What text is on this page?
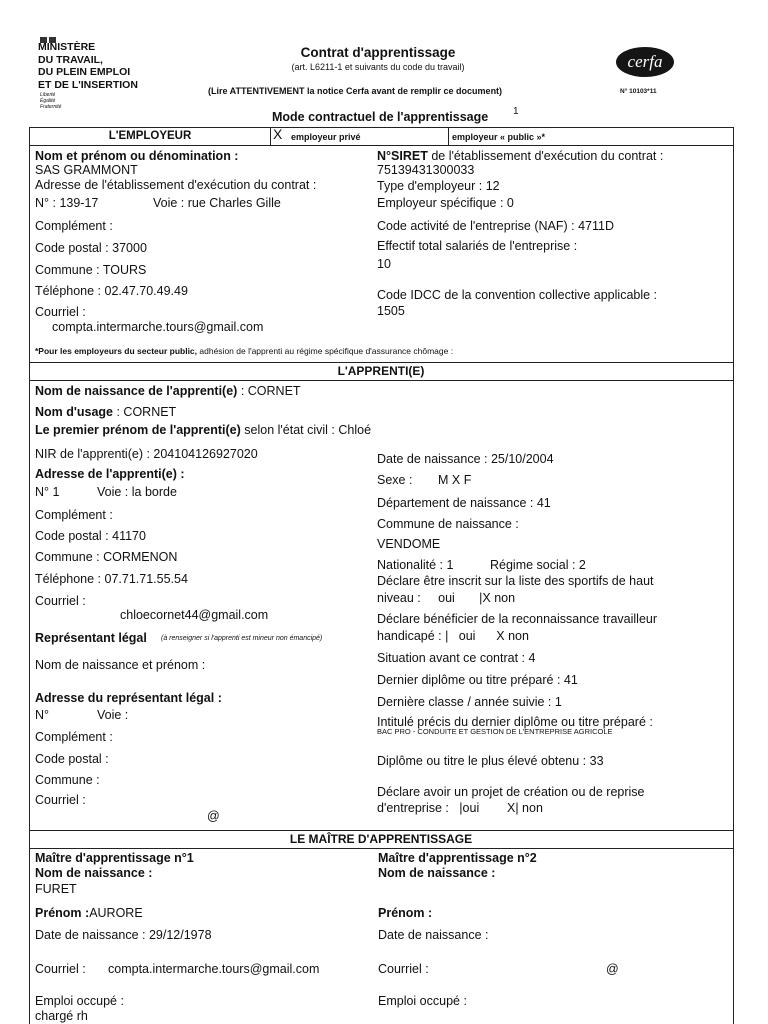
MINISTÈRE
DU TRAVAIL,
DU PLEIN EMPLOI
ET DE L'INSERTION
Liberté
Égalité
Fraternité
Contrat d'apprentissage
(art. L6211-1 et suivants du code du travail)
(Lire ATTENTIVEMENT la notice Cerfa avant de remplir ce document)
cerfa
N° 10103*11
Mode contractuel de l'apprentissage 1
L'EMPLOYEUR	X employeur privé	employeur « public »*
Nom et prénom ou dénomination :
SAS GRAMMONT
Adresse de l'établissement d'exécution du contrat :
N° : 139-17	Voie : rue Charles Gille
Complément :
Code postal : 37000
Commune : TOURS
Téléphone : 02.47.70.49.49
Courriel :
compta.intermarche.tours@gmail.com
N°SIRET de l'établissement d'exécution du contrat :
75139431300033
Type d'employeur : 12
Employeur spécifique : 0
Code activité de l'entreprise (NAF) : 4711D
Effectif total salariés de l'entreprise :
10
Code IDCC de la convention collective applicable :
1505
*Pour les employeurs du secteur public, adhésion de l'apprenti au régime spécifique d'assurance chômage :
L'APPRENTI(E)
Nom de naissance de l'apprenti(e) : CORNET
Nom d'usage : CORNET
Le premier prénom de l'apprenti(e) selon l'état civil : Chloé
NIR de l'apprenti(e) : 204104126927020
Adresse de l'apprenti(e) :
N° 1	Voie : la borde
Complément :
Code postal : 41170
Commune : CORMENON
Téléphone : 07.71.71.55.54
Courriel :
chloecornet44@gmail.com
Représentant légal (à renseigner si l'apprenti est mineur non émancipé)
Nom de naissance et prénom :
Adresse du représentant légal :
N°	Voie :
Complément :
Code postal :
Commune :
Courriel :
@
Date de naissance : 25/10/2004
Sexe : M X F
Département de naissance : 41
Commune de naissance :
VENDOME
Nationalité : 1	Régime social : 2
Déclare être inscrit sur la liste des sportifs de haut
niveau :     oui       |X non
Déclare bénéficier de la reconnaissance travailleur
handicapé : |   oui      X non
Situation avant ce contrat : 4
Dernier diplôme ou titre préparé : 41
Dernière classe / année suivie : 1
Intitulé précis du dernier diplôme ou titre préparé :
BAC PRO - CONDUITE ET GESTION DE L'ENTREPRISE AGRICOLE
Diplôme ou titre le plus élevé obtenu : 33
Déclare avoir un projet de création ou de reprise
d'entreprise :   |oui        X| non
LE MAÎTRE D'APPRENTISSAGE
Maître d'apprentissage n°1
Nom de naissance :
FURET
Prénom :AURORE
Date de naissance : 29/12/1978
Courriel : compta.intermarche.tours@gmail.com
Emploi occupé :
chargé rh
Maître d'apprentissage n°2
Nom de naissance :
Prénom :
Date de naissance :
Courriel :	@
Emploi occupé :
